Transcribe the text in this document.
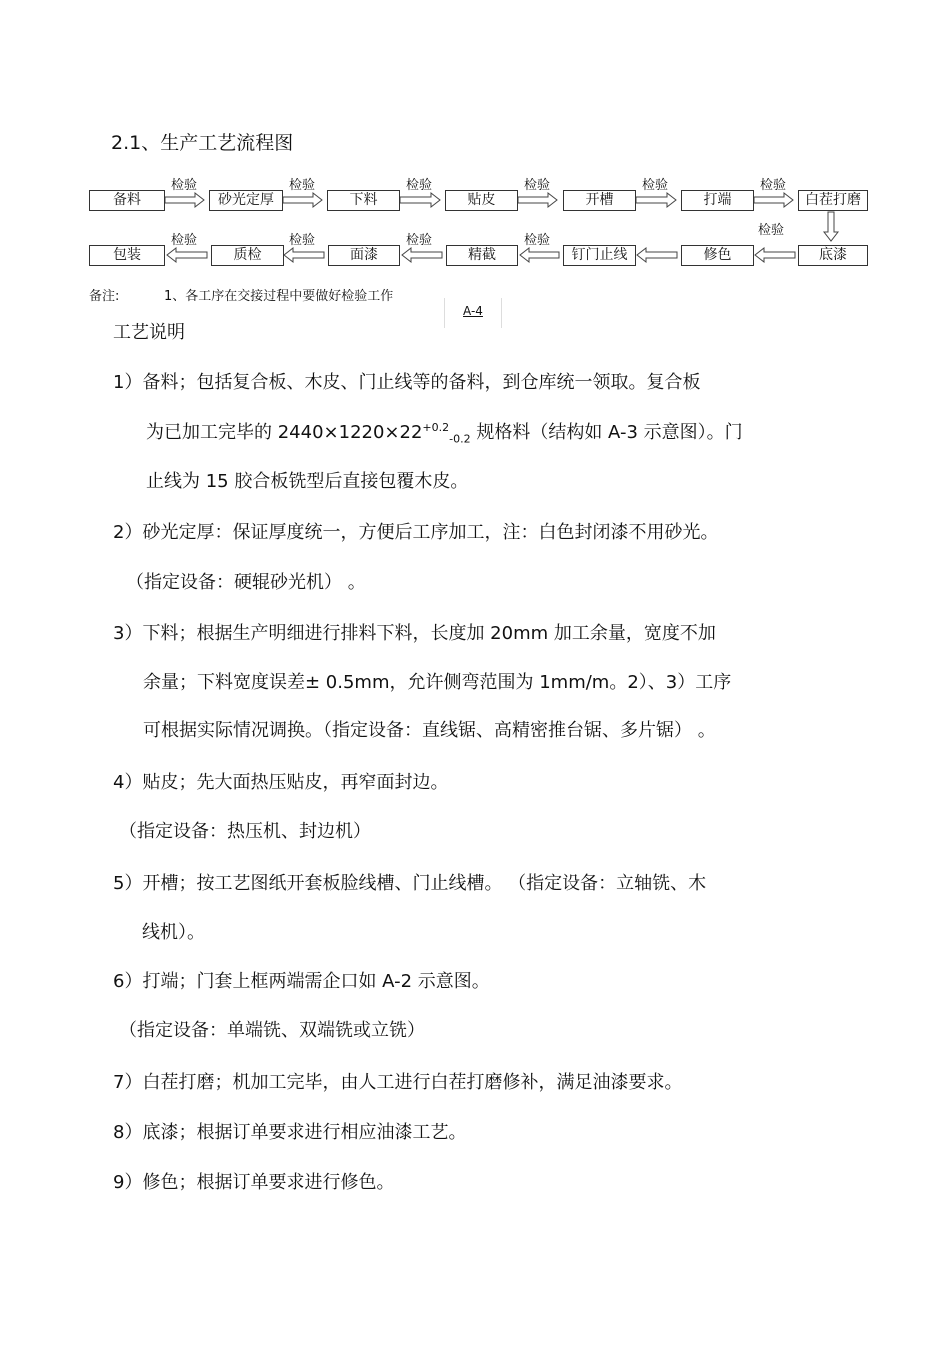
2.1、生产工艺流程图
备料	砂光定厚	下料	贴皮	开槽	打端	白茬打磨
检验	检验	检验	检验	检验	检验
检验
包装	质检	面漆	精截	钉门止线	修色	底漆
检验	检验	检验	检验
备注:	1、各工序在交接过程中要做好检验工作
A-4
工艺说明
1）备料；包括复合板、木皮、门止线等的备料，到仓库统一领取。复合板
为已加工完毕的 $2440\times 1220\times 22^{+0.2}_{-0.2}$ 规格料（结构如 A-3 示意图）。门
止线为 15 胶合板铣型后直接包覆木皮。
2）砂光定厚：保证厚度统一，方便后工序加工，注：白色封闭漆不用砂光。
（指定设备：硬辊砂光机） 。
3）下料；根据生产明细进行排料下料，长度加 20mm 加工余量，宽度不加
余量；下料宽度误差± 0.5mm，允许侧弯范围为 1mm/m。2）、3）工序
可根据实际情况调换。（指定设备：直线锯、高精密推台锯、多片锯） 。
4）贴皮；先大面热压贴皮，再窄面封边。
（指定设备：热压机、封边机）
5）开槽；按工艺图纸开套板脸线槽、门止线槽。 （指定设备：立轴铣、木
线机）。
6）打端；门套上框两端需企口如 A-2 示意图。
（指定设备：单端铣、双端铣或立铣）
7）白茬打磨；机加工完毕，由人工进行白茬打磨修补，满足油漆要求。
8）底漆；根据订单要求进行相应油漆工艺。
9）修色；根据订单要求进行修色。
